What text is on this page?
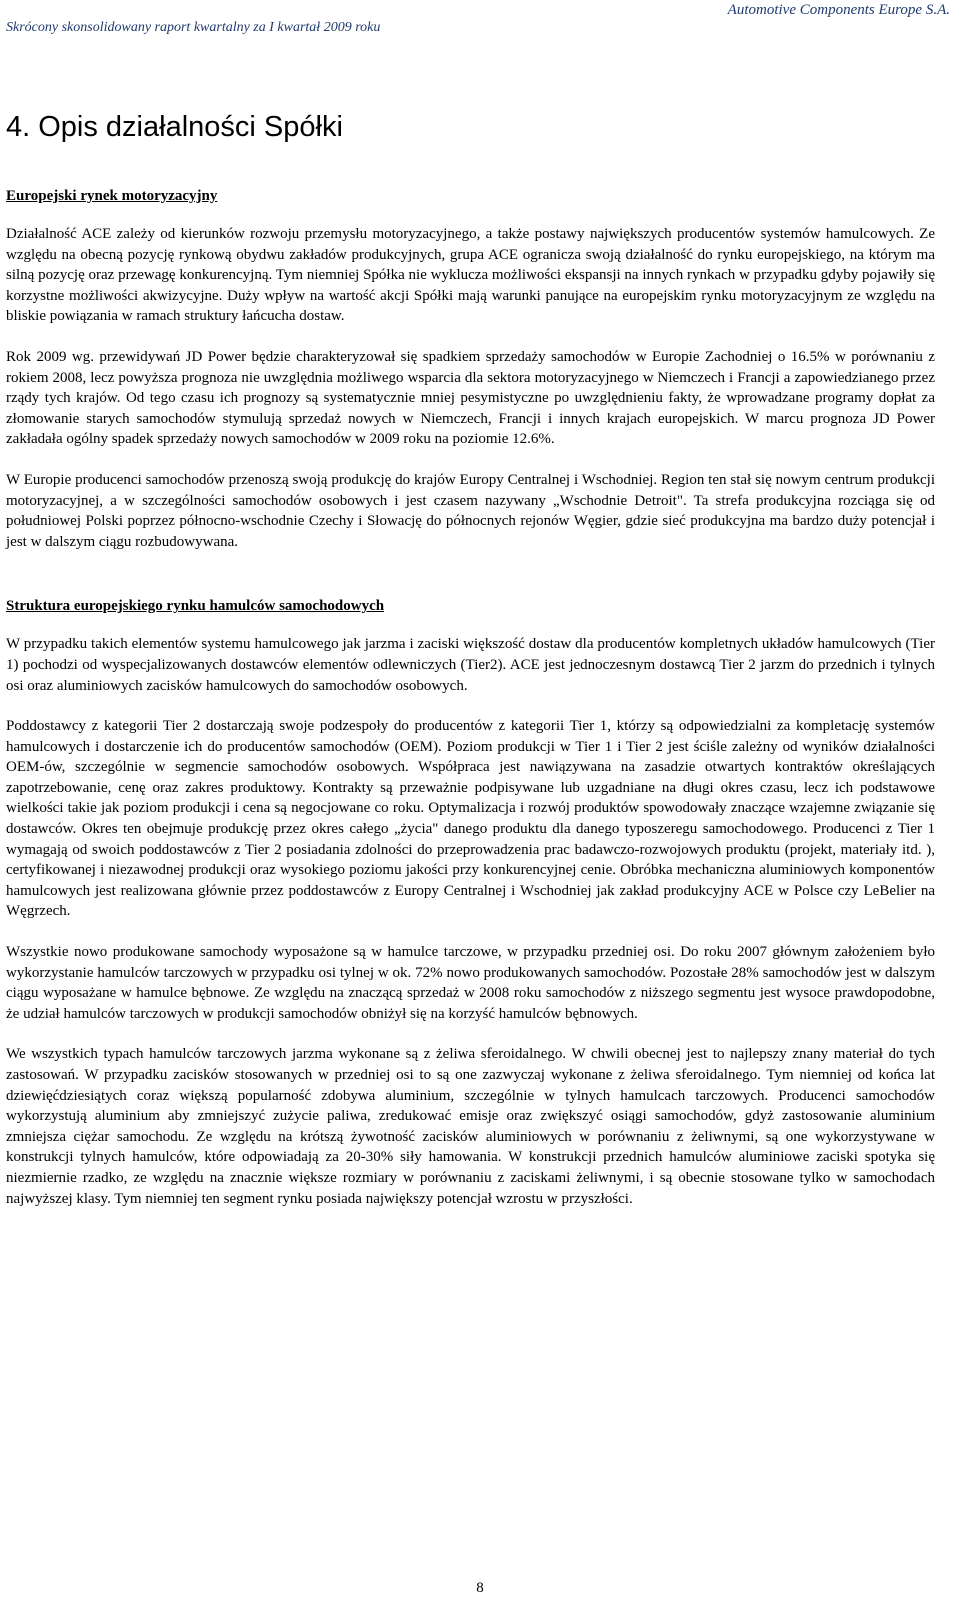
Skrócony skonsolidowany raport kwartalny za I kwartał 2009 roku
Automotive Components Europe S.A.
4. Opis działalności Spółki
Europejski rynek motoryzacyjny

Działalność ACE zależy od kierunków rozwoju przemysłu motoryzacyjnego, a także postawy największych producentów systemów hamulcowych. Ze względu na obecną pozycję rynkową obydwu zakładów produkcyjnych, grupa ACE ogranicza swoją działalność do rynku europejskiego, na którym ma silną pozycję oraz przewagę konkurencyjną. Tym niemniej Spółka nie wyklucza możliwości ekspansji na innych rynkach w przypadku gdyby pojawiły się korzystne możliwości akwizycyjne. Duży wpływ na wartość akcji Spółki mają warunki panujące na europejskim rynku motoryzacyjnym ze względu na bliskie powiązania w ramach struktury łańcucha dostaw.

Rok 2009 wg. przewidywań JD Power będzie charakteryzował się spadkiem sprzedaży samochodów w Europie Zachodniej o 16.5% w porównaniu z rokiem 2008, lecz powyższa prognoza nie uwzględnia możliwego wsparcia dla sektora motoryzacyjnego w Niemczech i Francji a zapowiedzianego przez rządy tych krajów. Od tego czasu ich prognozy są systematycznie mniej pesymistyczne po uwzględnieniu fakty, że wprowadzane programy dopłat za złomowanie starych samochodów stymulują sprzedaż nowych w Niemczech, Francji i innych krajach europejskich. W marcu prognoza JD Power zakładała ogólny spadek sprzedaży nowych samochodów w 2009 roku na poziomie 12.6%.

W Europie producenci samochodów przenoszą swoją produkcję do krajów Europy Centralnej i Wschodniej. Region ten stał się nowym centrum produkcji motoryzacyjnej, a w szczególności samochodów osobowych i jest czasem nazywany „Wschodnie Detroit". Ta strefa produkcyjna rozciąga się od południowej Polski poprzez północno-wschodnie Czechy i Słowację do północnych rejonów Węgier, gdzie sieć produkcyjna ma bardzo duży potencjał i jest w dalszym ciągu rozbudowywana.

Struktura europejskiego rynku hamulców samochodowych

W przypadku takich elementów systemu hamulcowego jak jarzma i zaciski większość dostaw dla producentów kompletnych układów hamulcowych (Tier 1) pochodzi od wyspecjalizowanych dostawców elementów odlewniczych (Tier2). ACE jest jednoczesnym dostawcą Tier 2 jarzm do przednich i tylnych osi oraz aluminiowych zacisków hamulcowych do samochodów osobowych.

Poddostawcy z kategorii Tier 2 dostarczają swoje podzespoły do producentów z kategorii Tier 1, którzy są odpowiedzialni za kompletację systemów hamulcowych i dostarczenie ich do producentów samochodów (OEM). Poziom produkcji w Tier 1 i Tier 2 jest ściśle zależny od wyników działalności OEM-ów, szczególnie w segmencie samochodów osobowych. Współpraca jest nawiązywana na zasadzie otwartych kontraktów określających zapotrzebowanie, cenę oraz zakres produktowy. Kontrakty są przeważnie podpisywane lub uzgadniane na długi okres czasu, lecz ich podstawowe wielkości takie jak poziom produkcji i cena są negocjowane co roku. Optymalizacja i rozwój produktów spowodowały znaczące wzajemne związanie się dostawców. Okres ten obejmuje produkcję przez okres całego „życia" danego produktu dla danego typoszeregu samochodowego. Producenci z Tier 1 wymagają od swoich poddostawców z Tier 2 posiadania zdolności do przeprowadzenia prac badawczo-rozwojowych produktu (projekt, materiały itd. ), certyfikowanej i niezawodnej produkcji oraz wysokiego poziomu jakości przy konkurencyjnej cenie. Obróbka mechaniczna aluminiowych komponentów hamulcowych jest realizowana głównie przez poddostawców z Europy Centralnej i Wschodniej jak zakład produkcyjny ACE w Polsce czy LeBelier na Węgrzech.

Wszystkie nowo produkowane samochody wyposażone są w hamulce tarczowe, w przypadku przedniej osi. Do roku 2007 głównym założeniem było wykorzystanie hamulców tarczowych w przypadku osi tylnej w ok. 72% nowo produkowanych samochodów. Pozostałe 28% samochodów jest w dalszym ciągu wyposażane w hamulce bębnowe. Ze względu na znaczącą sprzedaż w 2008 roku samochodów z niższego segmentu jest wysoce prawdopodobne, że udział hamulców tarczowych w produkcji samochodów obniżył się na korzyść hamulców bębnowych.

We wszystkich typach hamulców tarczowych jarzma wykonane są z żeliwa sferoidalnego. W chwili obecnej jest to najlepszy znany materiał do tych zastosowań. W przypadku zacisków stosowanych w przedniej osi to są one zazwyczaj wykonane z żeliwa sferoidalnego. Tym niemniej od końca lat dziewięćdziesiątych coraz większą popularność zdobywa aluminium, szczególnie w tylnych hamulcach tarczowych. Producenci samochodów wykorzystują aluminium aby zmniejszyć zużycie paliwa, zredukować emisje oraz zwiększyć osiągi samochodów, gdyż zastosowanie aluminium zmniejsza ciężar samochodu. Ze względu na krótszą żywotność zacisków aluminiowych w porównaniu z żeliwnymi, są one wykorzystywane w konstrukcji tylnych hamulców, które odpowiadają za 20-30% siły hamowania. W konstrukcji przednich hamulców aluminiowe zaciski spotyka się niezmiernie rzadko, ze względu na znacznie większe rozmiary w porównaniu z zaciskami żeliwnymi, i są obecnie stosowane tylko w samochodach najwyższej klasy. Tym niemniej ten segment rynku posiada największy potencjał wzrostu w przyszłości.

8
